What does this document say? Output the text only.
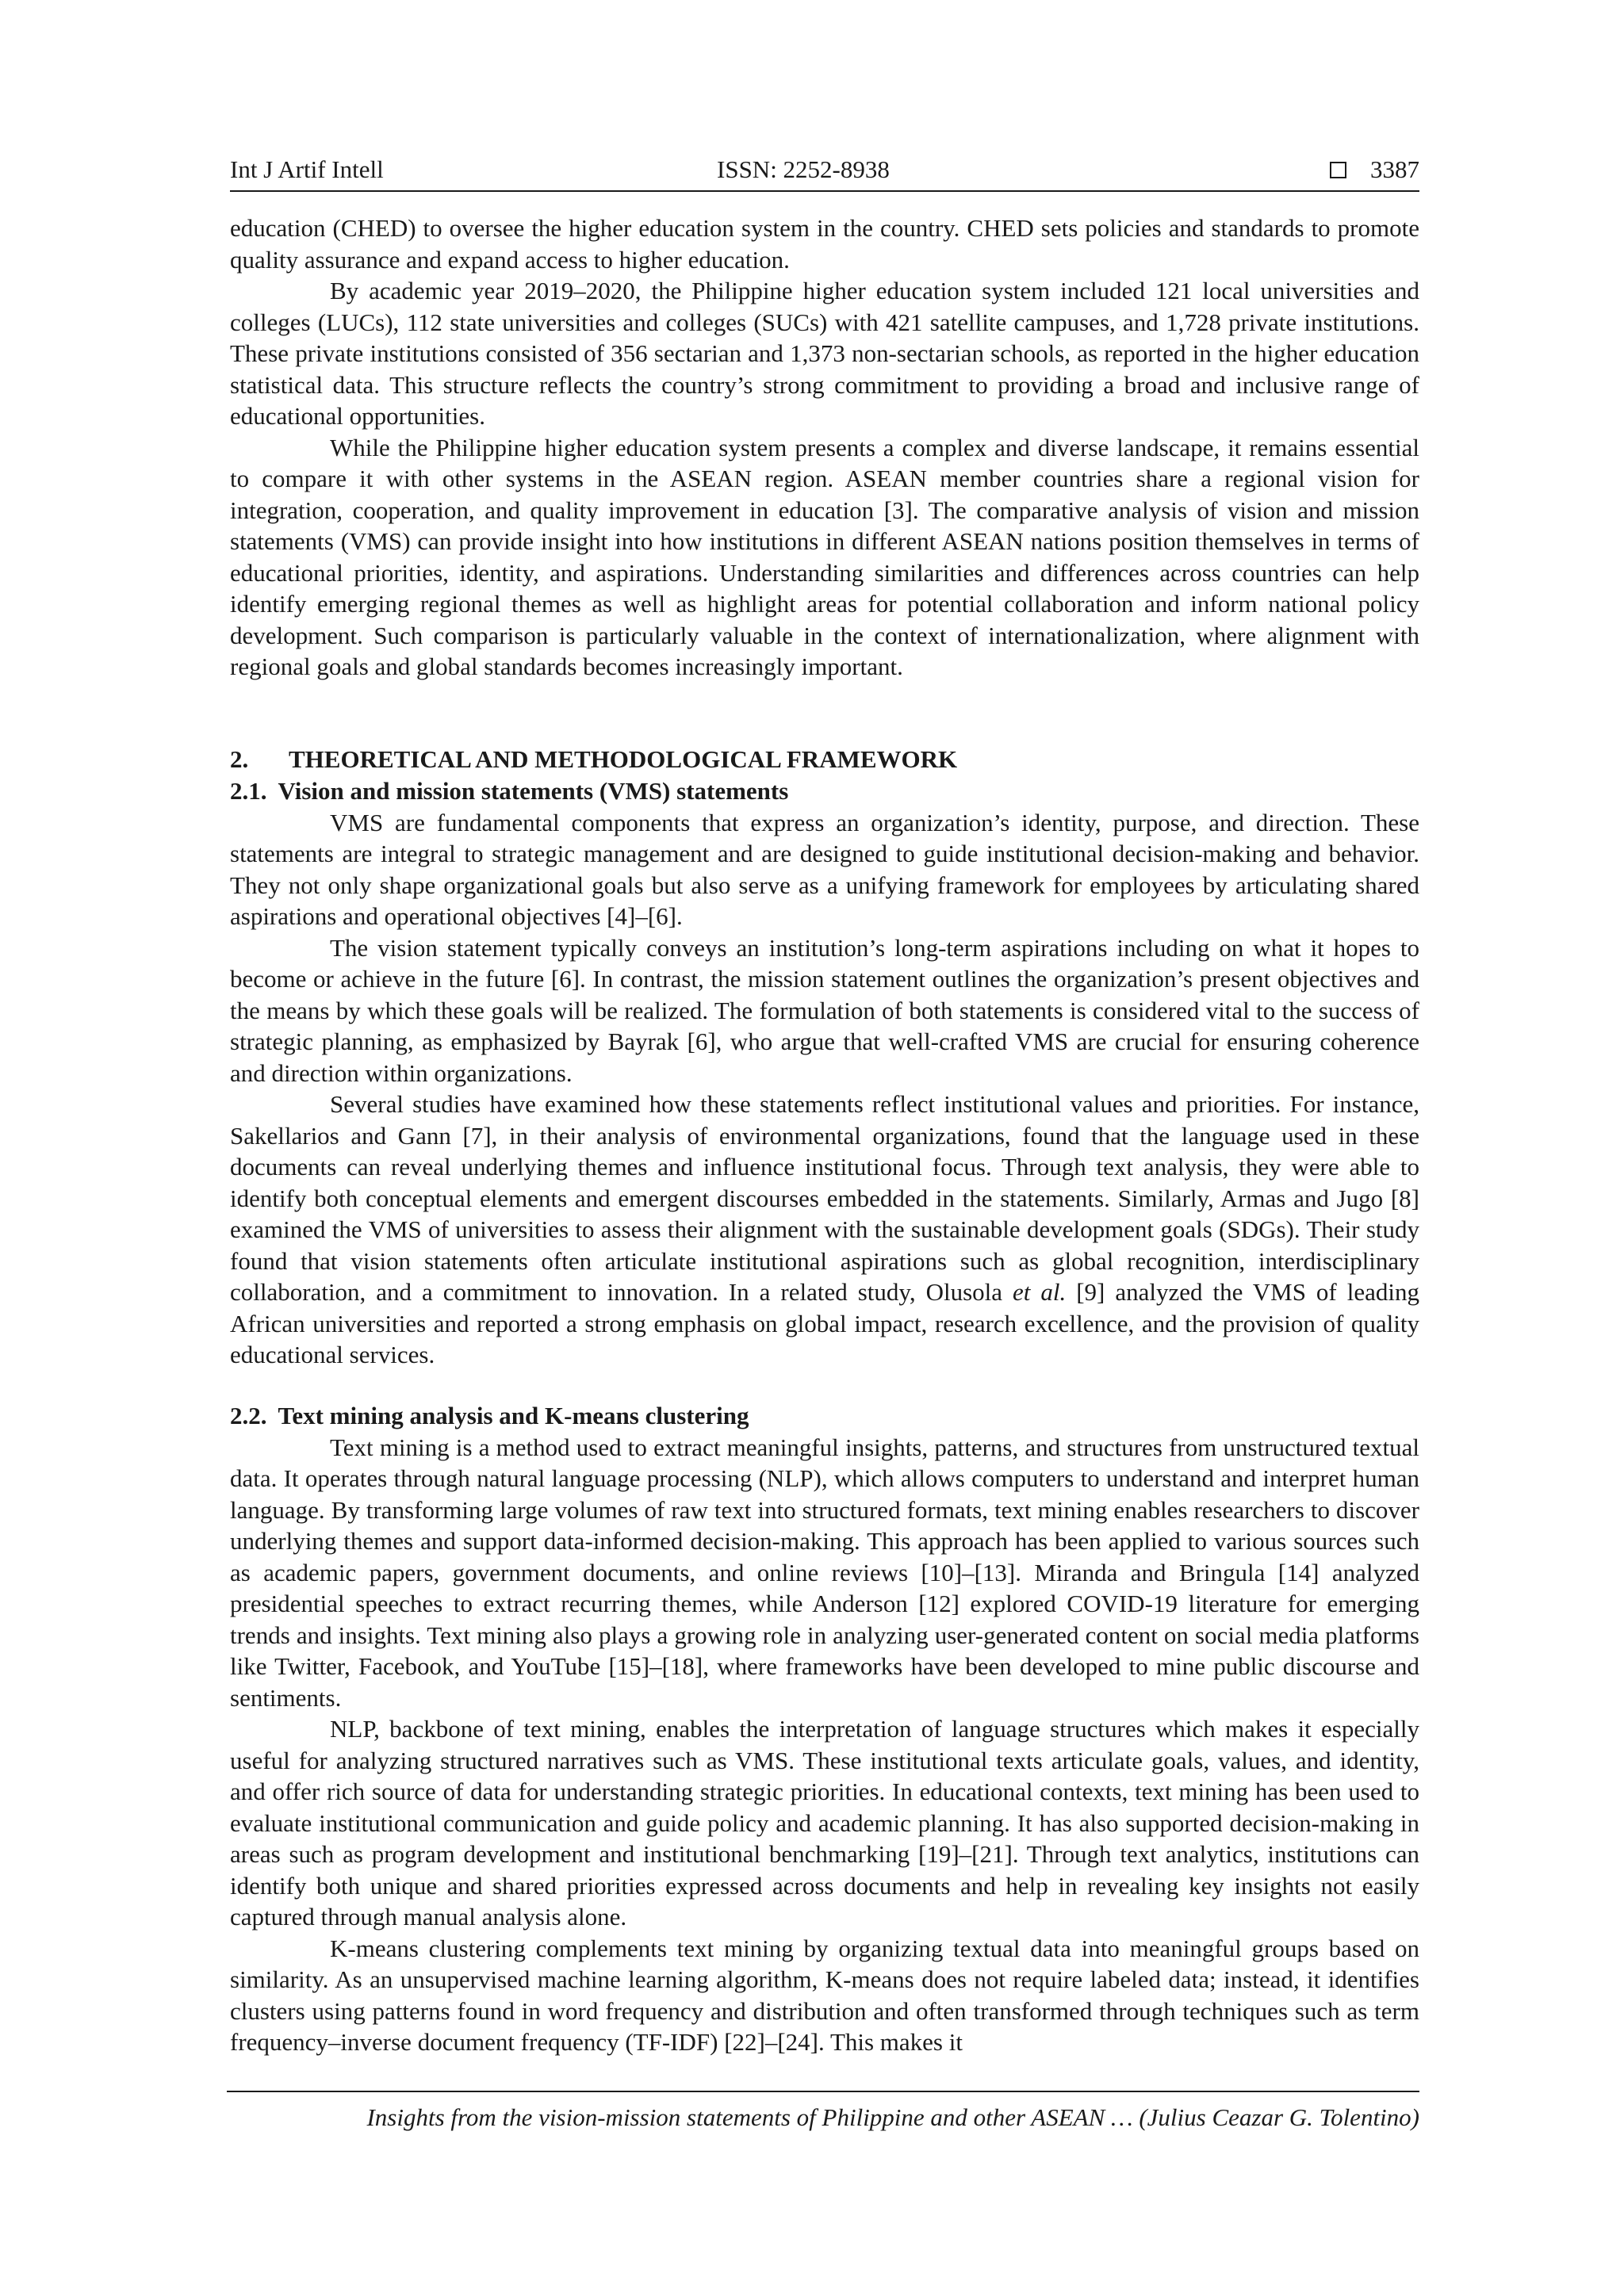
Int J Artif Intell	ISSN: 2252-8938	3387

education (CHED) to oversee the higher education system in the country. CHED sets policies and standards to promote quality assurance and expand access to higher education.

By academic year 2019–2020, the Philippine higher education system included 121 local universities and colleges (LUCs), 112 state universities and colleges (SUCs) with 421 satellite campuses, and 1,728 private institutions. These private institutions consisted of 356 sectarian and 1,373 non-sectarian schools, as reported in the higher education statistical data. This structure reflects the country’s strong commitment to providing a broad and inclusive range of educational opportunities.

While the Philippine higher education system presents a complex and diverse landscape, it remains essential to compare it with other systems in the ASEAN region. ASEAN member countries share a regional vision for integration, cooperation, and quality improvement in education [3]. The comparative analysis of vision and mission statements (VMS) can provide insight into how institutions in different ASEAN nations position themselves in terms of educational priorities, identity, and aspirations. Understanding similarities and differences across countries can help identify emerging regional themes as well as highlight areas for potential collaboration and inform national policy development. Such comparison is particularly valuable in the context of internationalization, where alignment with regional goals and global standards becomes increasingly important.

2.	THEORETICAL AND METHODOLOGICAL FRAMEWORK
2.1. Vision and mission statements (VMS) statements

VMS are fundamental components that express an organization’s identity, purpose, and direction. These statements are integral to strategic management and are designed to guide institutional decision-making and behavior. They not only shape organizational goals but also serve as a unifying framework for employees by articulating shared aspirations and operational objectives [4]–[6].

The vision statement typically conveys an institution’s long-term aspirations including on what it hopes to become or achieve in the future [6]. In contrast, the mission statement outlines the organization’s present objectives and the means by which these goals will be realized. The formulation of both statements is considered vital to the success of strategic planning, as emphasized by Bayrak [6], who argue that well-crafted VMS are crucial for ensuring coherence and direction within organizations.

Several studies have examined how these statements reflect institutional values and priorities. For instance, Sakellarios and Gann [7], in their analysis of environmental organizations, found that the language used in these documents can reveal underlying themes and influence institutional focus. Through text analysis, they were able to identify both conceptual elements and emergent discourses embedded in the statements. Similarly, Armas and Jugo [8] examined the VMS of universities to assess their alignment with the sustainable development goals (SDGs). Their study found that vision statements often articulate institutional aspirations such as global recognition, interdisciplinary collaboration, and a commitment to innovation. In a related study, Olusola et al. [9] analyzed the VMS of leading African universities and reported a strong emphasis on global impact, research excellence, and the provision of quality educational services.

2.2. Text mining analysis and K-means clustering

Text mining is a method used to extract meaningful insights, patterns, and structures from unstructured textual data. It operates through natural language processing (NLP), which allows computers to understand and interpret human language. By transforming large volumes of raw text into structured formats, text mining enables researchers to discover underlying themes and support data-informed decision-making. This approach has been applied to various sources such as academic papers, government documents, and online reviews [10]–[13]. Miranda and Bringula [14] analyzed presidential speeches to extract recurring themes, while Anderson [12] explored COVID-19 literature for emerging trends and insights. Text mining also plays a growing role in analyzing user-generated content on social media platforms like Twitter, Facebook, and YouTube [15]–[18], where frameworks have been developed to mine public discourse and sentiments.

NLP, backbone of text mining, enables the interpretation of language structures which makes it especially useful for analyzing structured narratives such as VMS. These institutional texts articulate goals, values, and identity, and offer rich source of data for understanding strategic priorities. In educational contexts, text mining has been used to evaluate institutional communication and guide policy and academic planning. It has also supported decision-making in areas such as program development and institutional benchmarking [19]–[21]. Through text analytics, institutions can identify both unique and shared priorities expressed across documents and help in revealing key insights not easily captured through manual analysis alone.

K-means clustering complements text mining by organizing textual data into meaningful groups based on similarity. As an unsupervised machine learning algorithm, K-means does not require labeled data; instead, it identifies clusters using patterns found in word frequency and distribution and often transformed through techniques such as term frequency–inverse document frequency (TF-IDF) [22]–[24]. This makes it

Insights from the vision-mission statements of Philippine and other ASEAN … (Julius Ceazar G. Tolentino)
